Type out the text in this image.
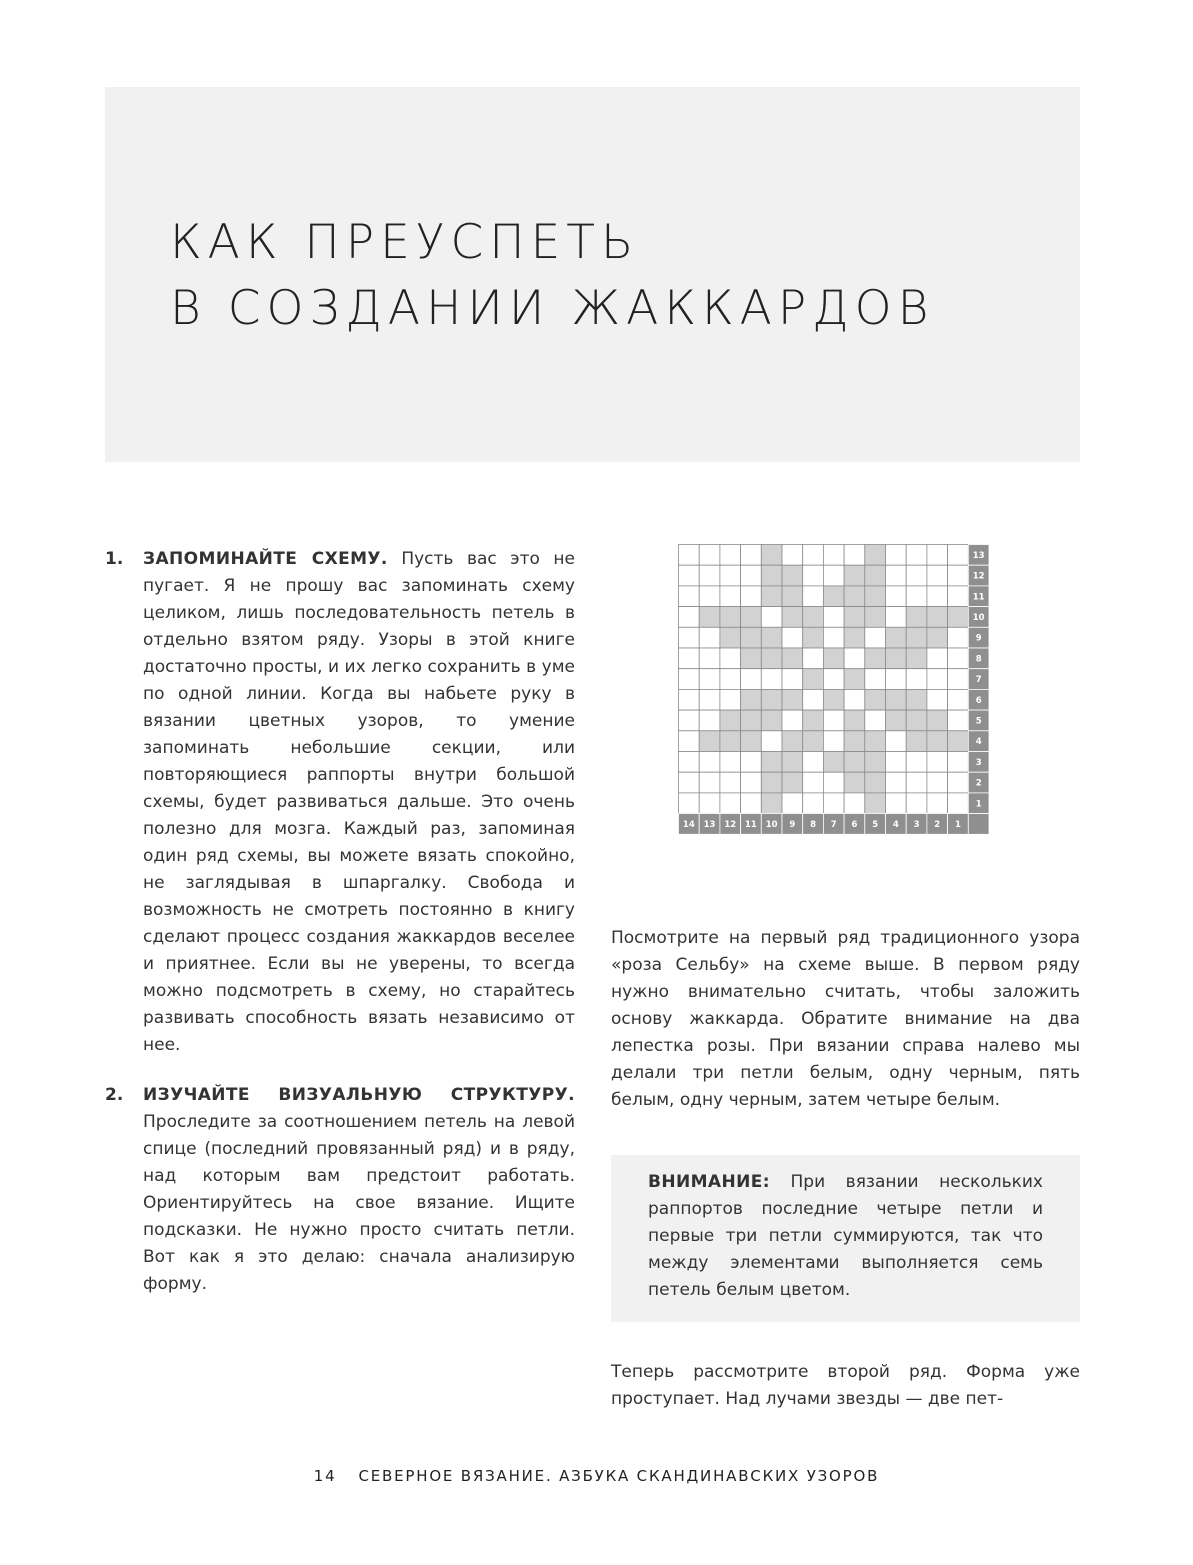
КАК ПРЕУСПЕТЬ
В СОЗДАНИИ ЖАККАРДОВ
1. ЗАПОМИНАЙТЕ СХЕМУ. Пусть вас это не пугает. Я не прошу вас запоминать схему целиком, лишь последовательность петель в отдельно взятом ряду. Узоры в этой книге достаточно просты, и их легко сохранить в уме по одной линии. Когда вы набьете руку в вязании цветных узоров, то умение запоминать небольшие секции, или повторяющиеся раппорты внутри большой схемы, будет развиваться дальше. Это очень полезно для мозга. Каждый раз, запоминая один ряд схемы, вы можете вязать спокойно, не заглядывая в шпаргалку. Свобода и возможность не смотреть постоянно в книгу сделают процесс создания жаккардов веселее и приятнее. Если вы не уверены, то всегда можно подсмотреть в схему, но старайтесь развивать способность вязать независимо от нее.
2. ИЗУЧАЙТЕ ВИЗУАЛЬНУЮ СТРУКТУРУ. Проследите за соотношением петель на левой спице (последний провязанный ряд) и в ряду, над которым вам предстоит работать. Ориентируйтесь на свое вязание. Ищите подсказки. Не нужно просто считать петли. Вот как я это делаю: сначала анализирую форму.
13
12
11
10
9
8
7
6
5
4
3
2
1
14 13 12 11 10 9 8 7 6 5 4 3 2 1
Посмотрите на первый ряд традиционного узора «роза Сельбу» на схеме выше. В первом ряду нужно внимательно считать, чтобы заложить основу жаккарда. Обратите внимание на два лепестка розы. При вязании справа налево мы делали три петли белым, одну черным, пять белым, одну черным, затем четыре белым.
ВНИМАНИЕ: При вязании нескольких раппортов последние четыре петли и первые три петли суммируются, так что между элементами выполняется семь петель белым цветом.
Теперь рассмотрите второй ряд. Форма уже проступает. Над лучами звезды — две пет-
14 СЕВЕРНОЕ ВЯЗАНИЕ. АЗБУКА СКАНДИНАВСКИХ УЗОРОВ
